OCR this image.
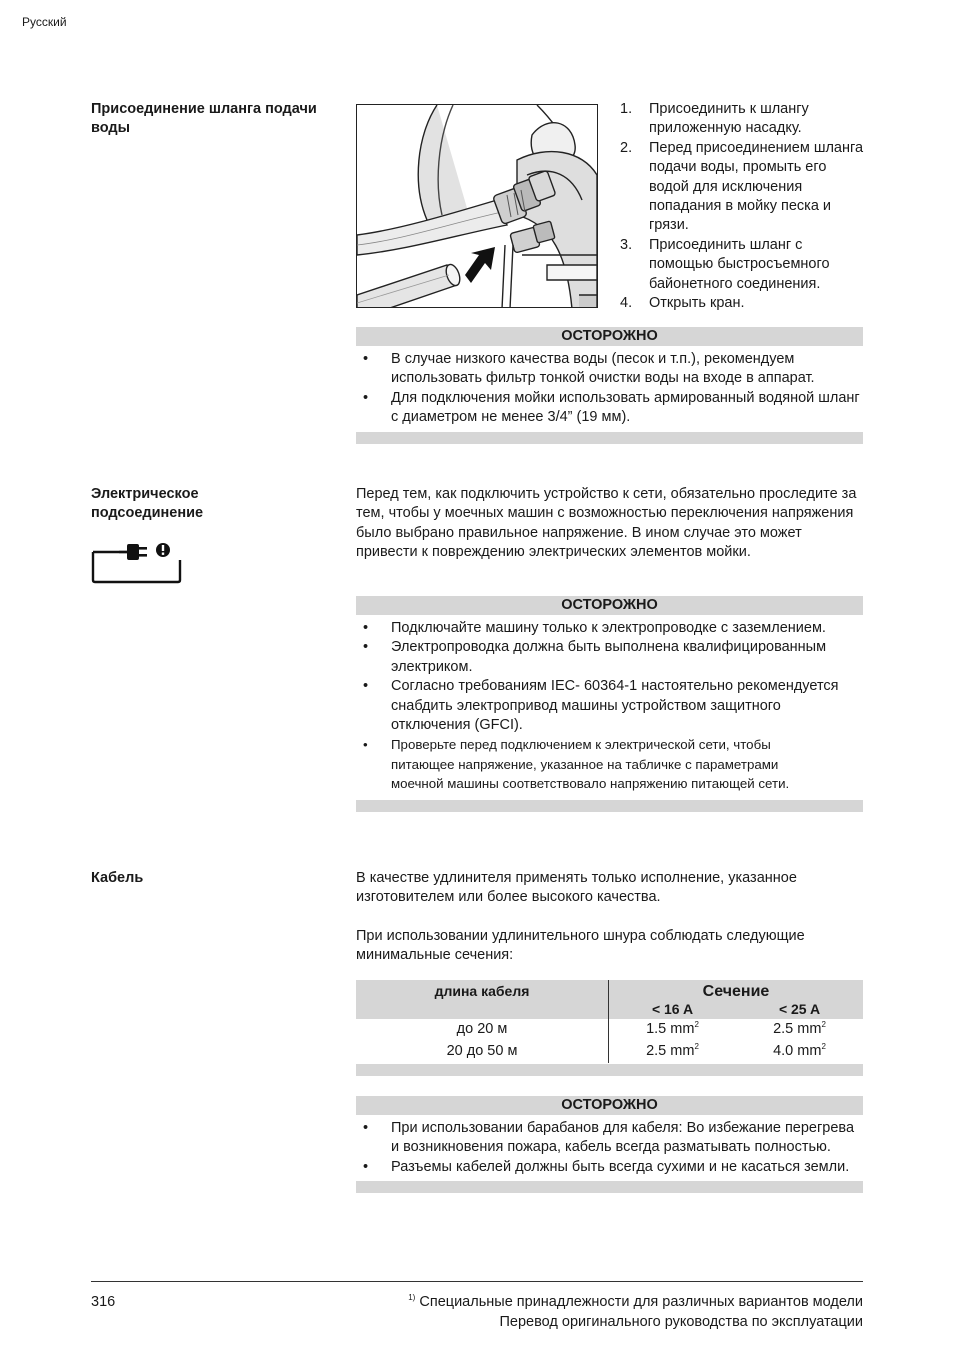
Русский
Присоединение шланга подачи воды
1. Присоединить к шлангу приложенную насадку.
2. Перед присоединением шланга подачи воды, промыть его водой для исключения попадания в мойку песка и грязи.
3. Присоединить шланг с помощью быстросъемного байонетного соединения.
4. Открыть кран.
ОСТОРОЖНО
• В случае низкого качества воды (песок и т.п.), рекомендуем использовать фильтр тонкой очистки воды на входе в аппарат.
• Для подключения мойки использовать армированный водяной шланг с диаметром не менее 3/4” (19 мм).
Электрическое подсоединение
Перед тем, как подключить устройство к сети, обязательно проследите за тем, чтобы у моечных машин с возможностью переключения напряжения было выбрано правильное напряжение. В ином случае это может привести к повреждению электрических элементов мойки.
ОСТОРОЖНО
• Подключайте машину только к электропроводке с заземлением.
• Электропроводка должна быть выполнена квалифицированным электриком.
• Согласно требованиям IEC- 60364-1 настоятельно рекомендуется снабдить электропривод машины устройством защитного отключения (GFCI).
• Проверьте перед подключением к электрической сети, чтобы питающее напряжение, указанное на табличке с параметрами моечной машины соответствовало напряжению питающей сети.
Кабель	В качестве удлинителя применять только исполнение, указанное изготовителем или более высокого качества.
При использовании удлинительного шнура соблюдать следующие минимальные сечения:
длина кабеля	Сечение
< 16 A	< 25 A
до 20 м	1.5 $mm^2$	2.5 $mm^2$
20 до 50 м	2.5 $mm^2$	4.0 $mm^2$
ОСТОРОЖНО
• При использовании барабанов для кабеля: Во избежание перегрева и возникновения пожара, кабель всегда разматывать полностью.
• Разъемы кабелей должны быть всегда сухими и не касаться земли.
316	$^{1)}$ Специальные принадлежности для различных вариантов модели
Перевод оригинального руководства по эксплуатации
